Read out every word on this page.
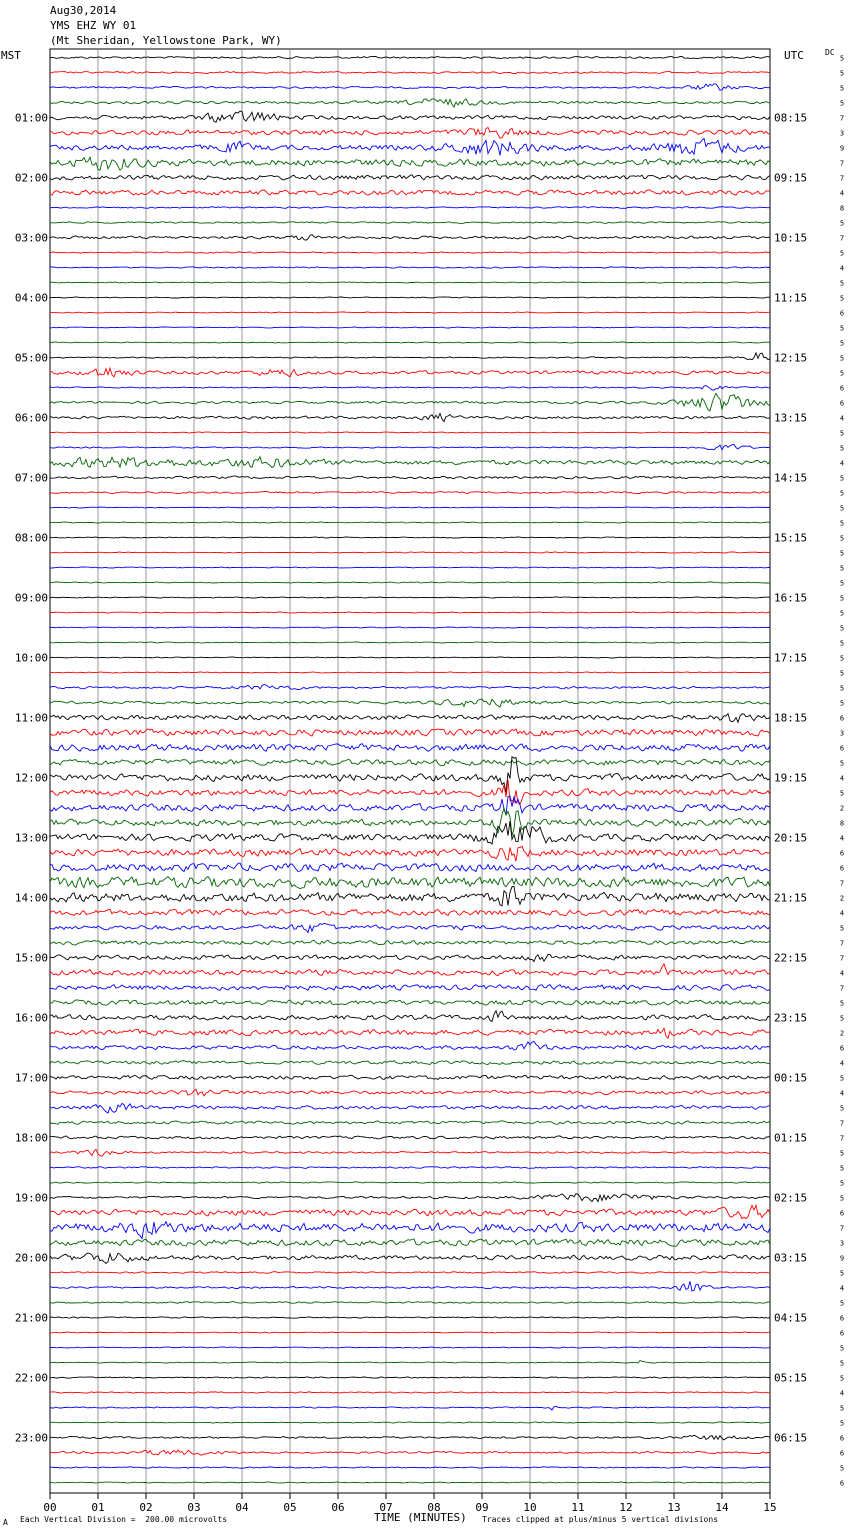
Aug30,2014
YMS EHZ WY 01
(Mt Sheridan, Yellowstone Park, WY)
MST	UTC	DC
00	01	02	03	04	05	06	07	08	09	10	11	12	13	14	15
5
5
5
5
7
3
9
7
7
4
8
5
7
5
4
5
5
6
5
5
5
5
6
6
4
5
5
4
5
5
5
5
5
5
5
5
5
5
5
5
5
5
5
5
6
3
6
5
4
5
2
8
4
6
6
7
2
4
5
7
7
4
7
5
5
2
6
4
5
4
5
7
7
5
5
5
5
6
7
3
9
5
4
5
6
6
5
5
5
4
5
5
6
6
5
6
01:00
02:00
03:00
04:00
05:00
06:00
07:00
08:00
09:00
10:00
11:00
12:00
13:00
14:00
15:00
16:00
17:00
18:00
19:00
20:00
21:00
22:00
23:00
08:15
09:15
10:15
11:15
12:15
13:15
14:15
15:15
16:15
17:15
18:15
19:15
20:15
21:15
22:15
23:15
00:15
01:15
02:15
03:15
04:15
05:15
06:15
A Each Vertical Division =  200.00 microvolts	TIME (MINUTES) Traces clipped at plus/minus 5 vertical divisions
